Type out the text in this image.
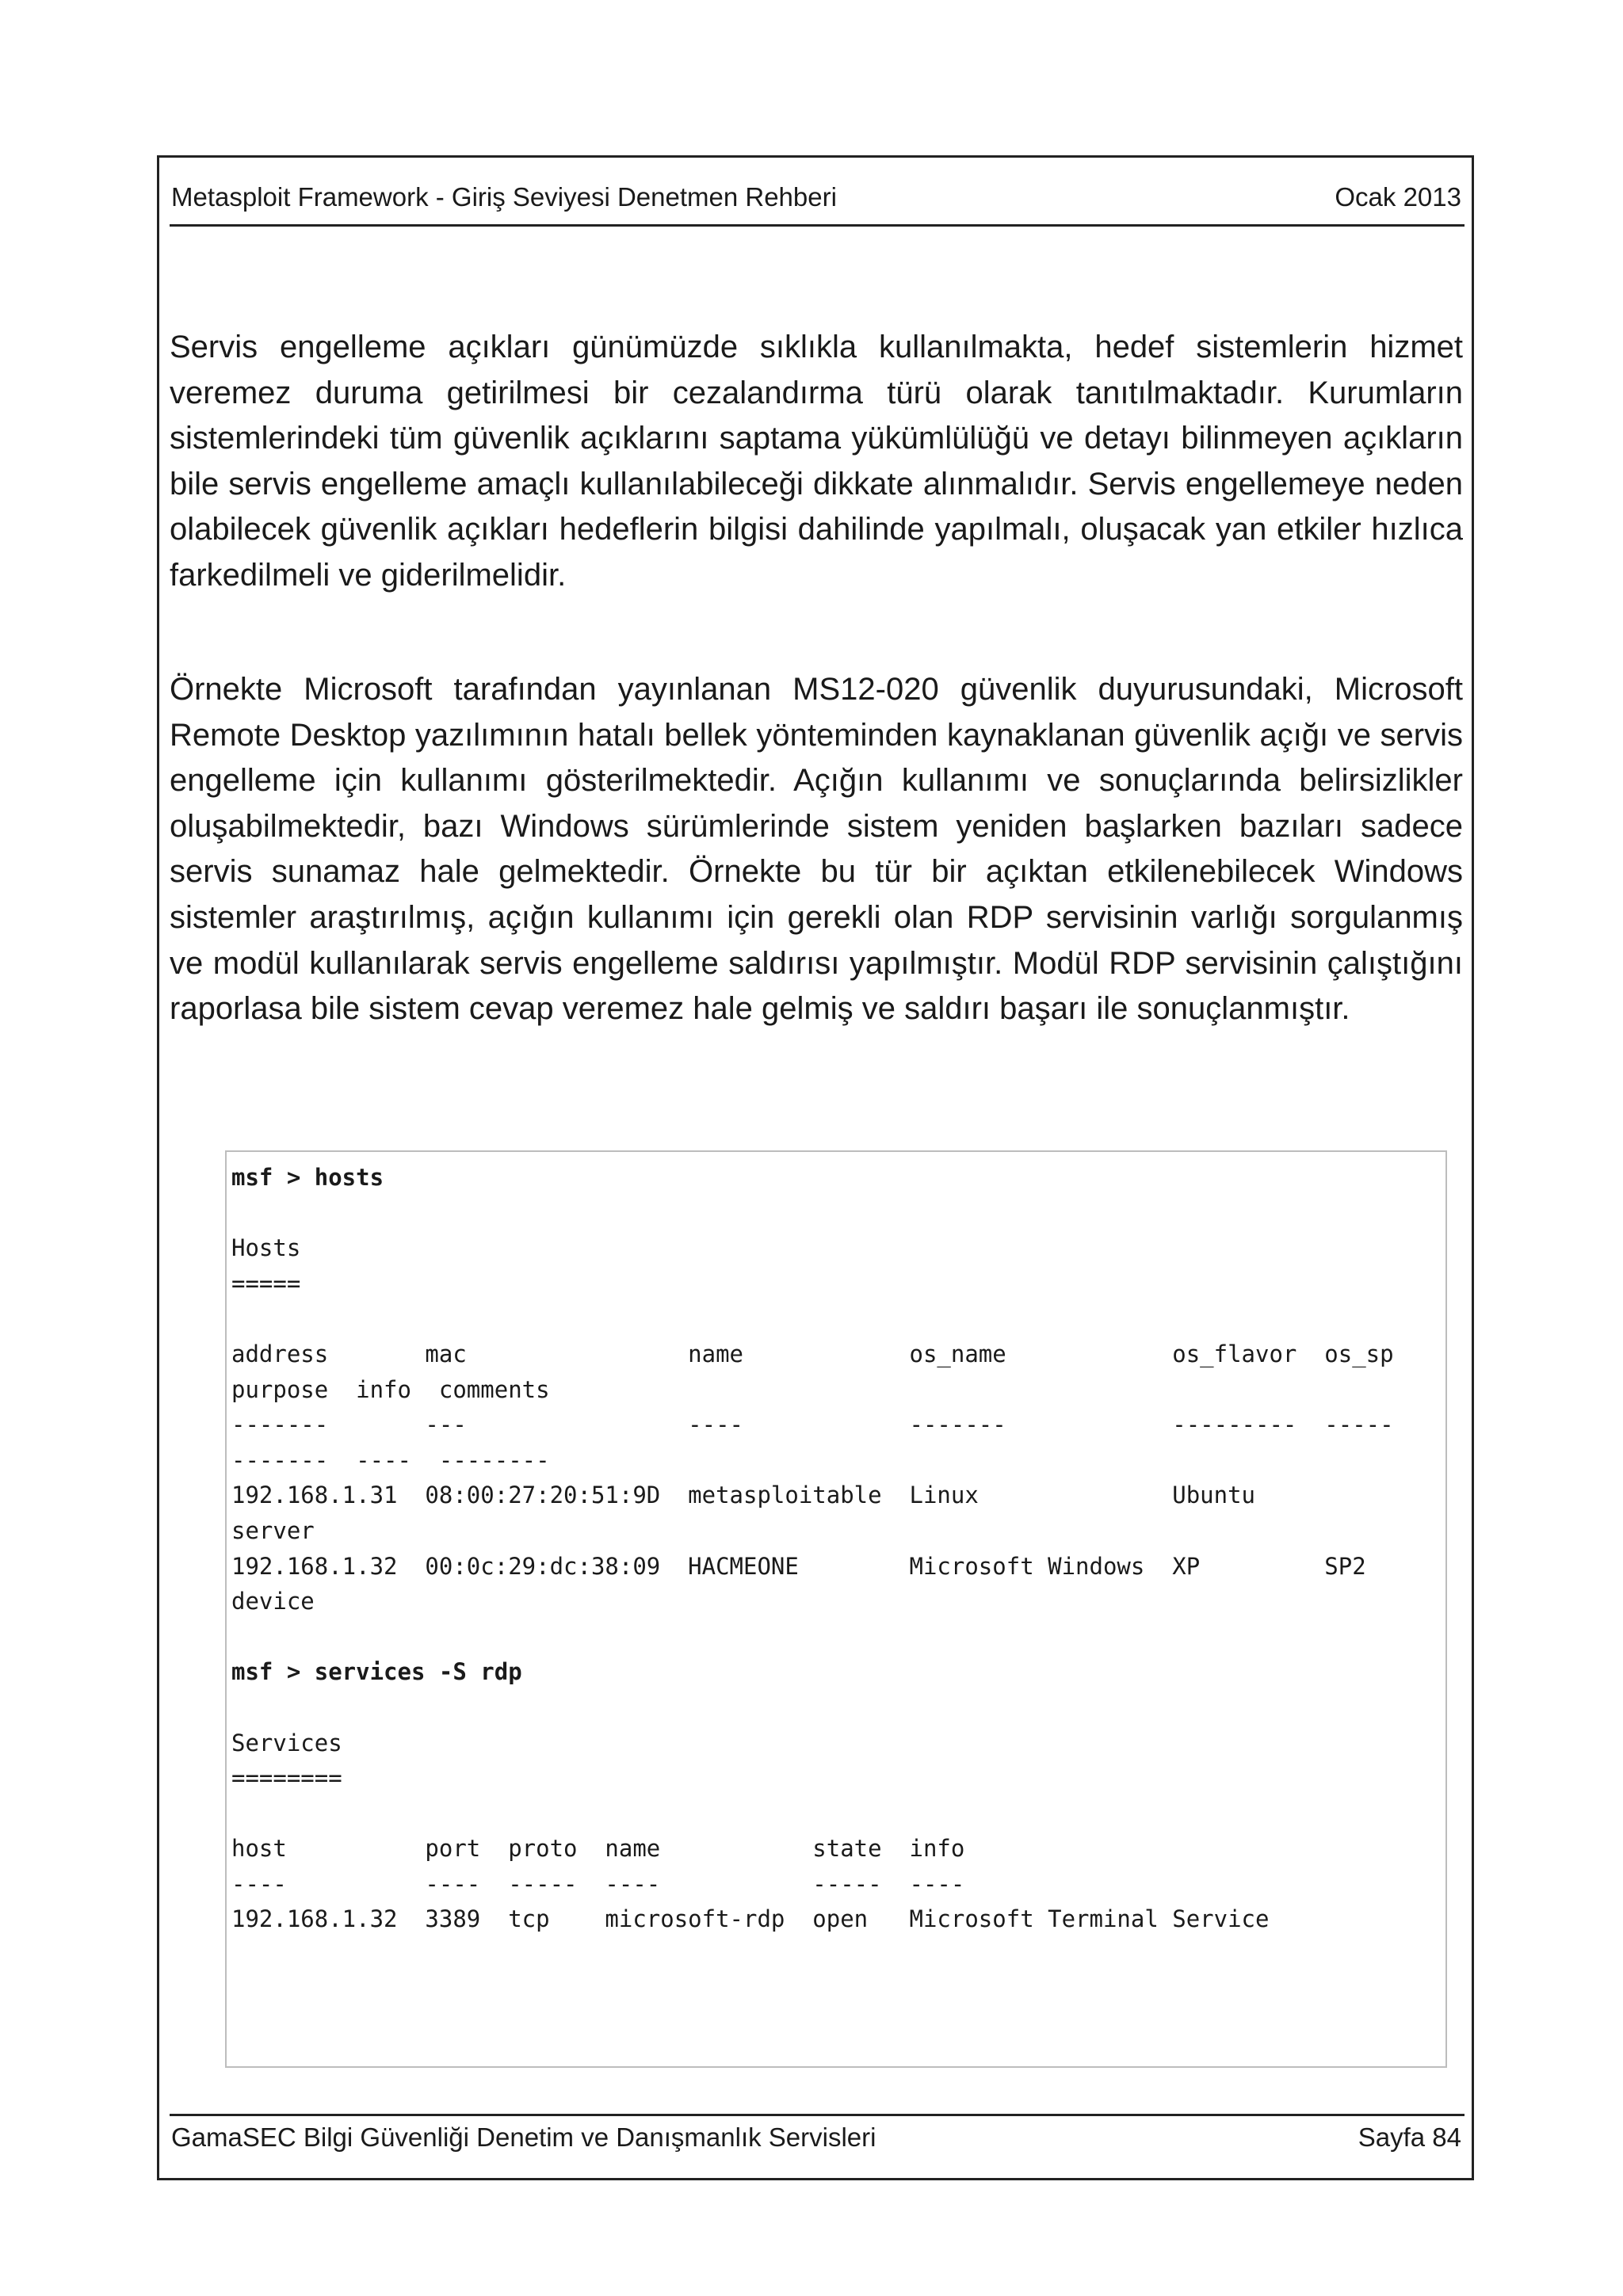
Metasploit Framework - Giriş Seviyesi Denetmen Rehberi	Ocak 2013

Servis engelleme açıkları günümüzde sıklıkla kullanılmakta, hedef sistemlerin hizmet veremez duruma getirilmesi bir cezalandırma türü olarak tanıtılmaktadır. Kurumların sistemlerindeki tüm güvenlik açıklarını saptama yükümlülüğü ve detayı bilinmeyen açıkların bile servis engelleme amaçlı kullanılabileceği dikkate alınmalıdır. Servis engellemeye neden olabilecek güvenlik açıkları hedeflerin bilgisi dahilinde yapılmalı, oluşacak yan etkiler hızlıca farkedilmeli ve giderilmelidir.

Örnekte Microsoft tarafından yayınlanan MS12-020 güvenlik duyurusundaki, Microsoft Remote Desktop yazılımının hatalı bellek yönteminden kaynaklanan güvenlik açığı ve servis engelleme için kullanımı gösterilmektedir. Açığın kullanımı ve sonuçlarında belirsizlikler oluşabilmektedir, bazı Windows sürümlerinde sistem yeniden başlarken bazıları sadece servis sunamaz hale gelmektedir. Örnekte bu tür bir açıktan etkilenebilecek Windows sistemler araştırılmış, açığın kullanımı için gerekli olan RDP servisinin varlığı sorgulanmış ve modül kullanılarak servis engelleme saldırısı yapılmıştır. Modül RDP servisinin çalıştığını raporlasa bile sistem cevap veremez hale gelmiş ve saldırı başarı ile sonuçlanmıştır.

msf > hosts
Hosts
=====
address       mac                name            os_name            os_flavor  os_sp
purpose  info  comments
-------       ---                ----            -------            ---------  -----
-------  ----  --------
192.168.1.31  08:00:27:20:51:9D  metasploitable  Linux              Ubuntu
server
192.168.1.32  00:0c:29:dc:38:09  HACMEONE        Microsoft Windows  XP         SP2
device
msf > services -S rdp
Services
========
host          port  proto  name           state  info
----          ----  -----  ----           -----  ----
192.168.1.32  3389  tcp    microsoft-rdp  open   Microsoft Terminal Service
GamaSEC Bilgi Güvenliği Denetim ve Danışmanlık Servisleri	Sayfa 84
